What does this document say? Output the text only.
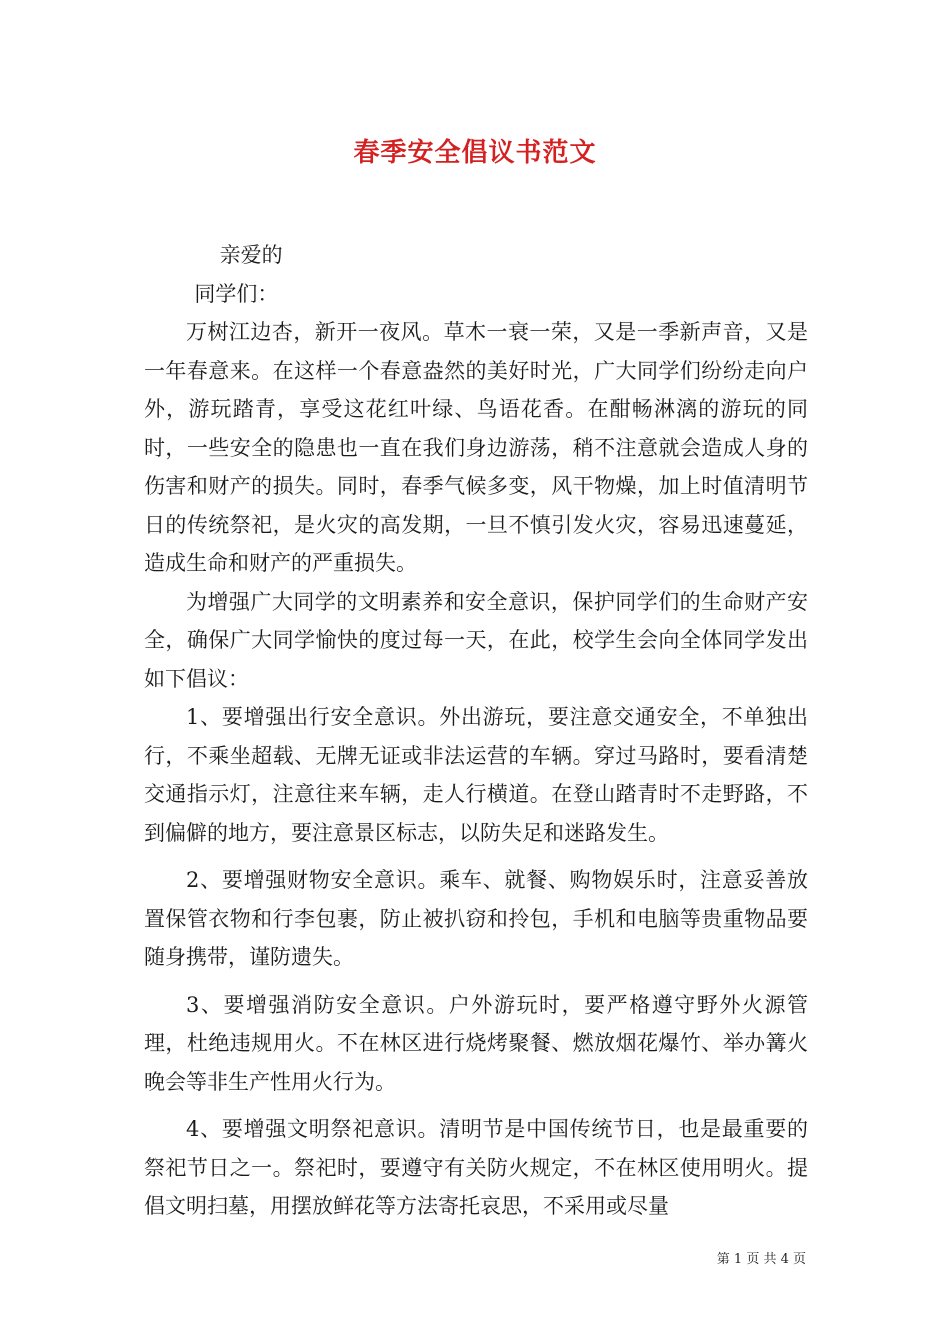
春季安全倡议书范文

亲爱的

同学们：

万树江边杏，新开一夜风。草木一衰一荣，又是一季新声音，又是一年春意来。在这样一个春意盎然的美好时光，广大同学们纷纷走向户外，游玩踏青，享受这花红叶绿、鸟语花香。在酣畅淋漓的游玩的同时，一些安全的隐患也一直在我们身边游荡，稍不注意就会造成人身的伤害和财产的损失。同时，春季气候多变，风干物燥，加上时值清明节日的传统祭祀，是火灾的高发期，一旦不慎引发火灾，容易迅速蔓延，造成生命和财产的严重损失。

为增强广大同学的文明素养和安全意识，保护同学们的生命财产安全，确保广大同学愉快的度过每一天，在此，校学生会向全体同学发出如下倡议：

1、要增强出行安全意识。外出游玩，要注意交通安全，不单独出行，不乘坐超载、无牌无证或非法运营的车辆。穿过马路时，要看清楚交通指示灯，注意往来车辆，走人行横道。在登山踏青时不走野路，不到偏僻的地方，要注意景区标志，以防失足和迷路发生。

2、要增强财物安全意识。乘车、就餐、购物娱乐时，注意妥善放置保管衣物和行李包裹，防止被扒窃和拎包，手机和电脑等贵重物品要随身携带，谨防遗失。

3、要增强消防安全意识。户外游玩时，要严格遵守野外火源管理，杜绝违规用火。不在林区进行烧烤聚餐、燃放烟花爆竹、举办篝火晚会等非生产性用火行为。

4、要增强文明祭祀意识。清明节是中国传统节日，也是最重要的祭祀节日之一。祭祀时，要遵守有关防火规定，不在林区使用明火。提倡文明扫墓，用摆放鲜花等方法寄托哀思，不采用或尽量

第 1 页 共 4 页
